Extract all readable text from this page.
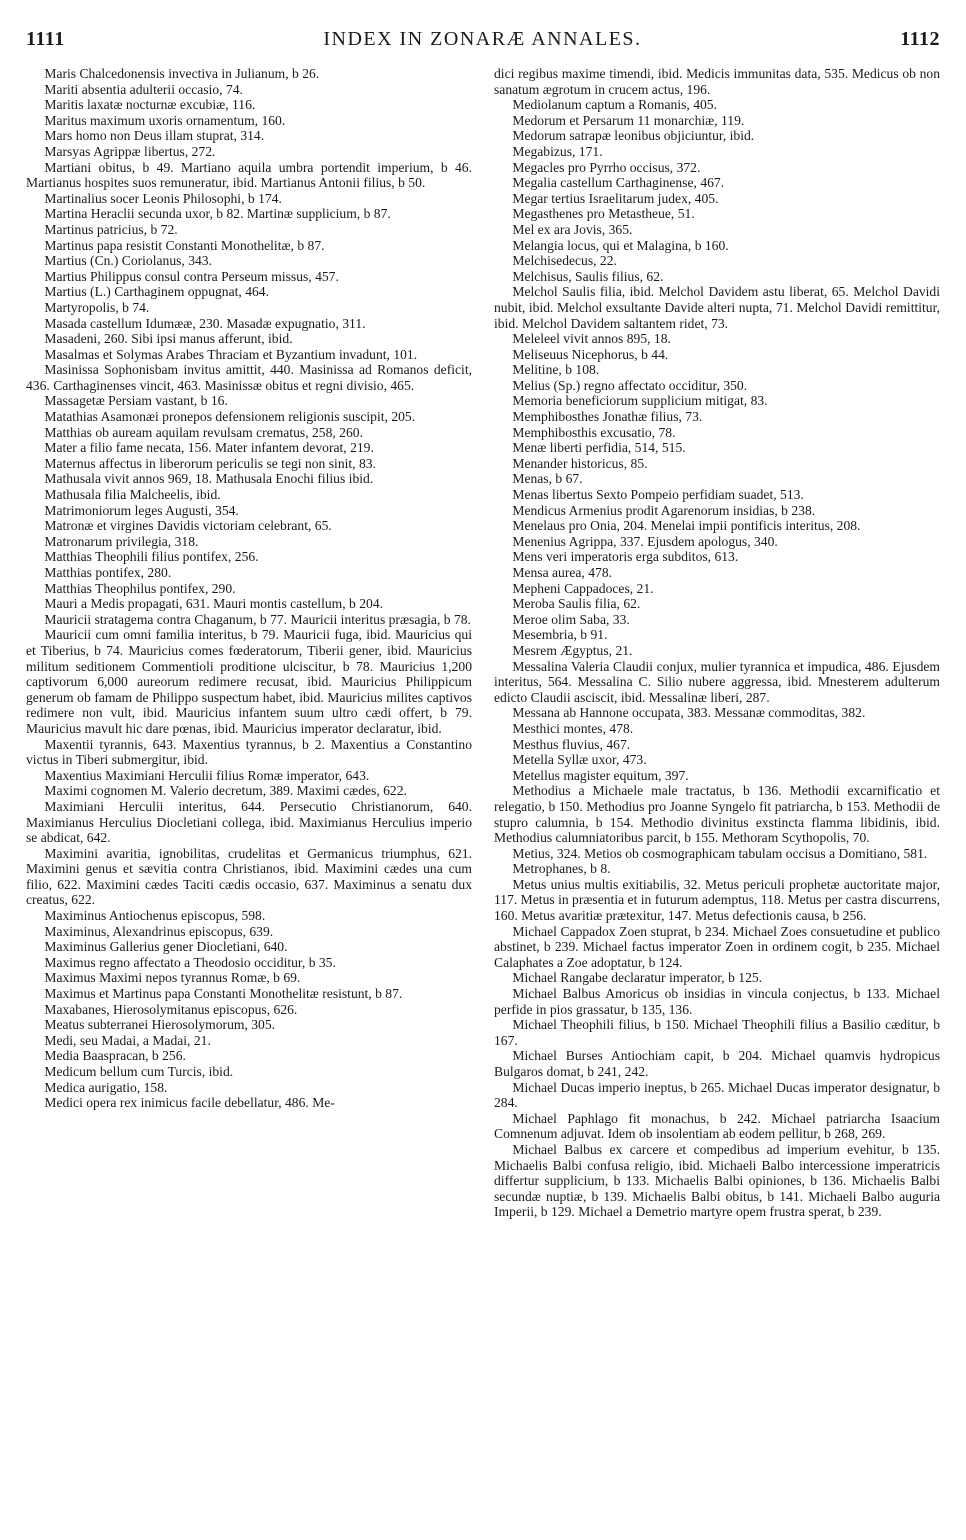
1111	INDEX IN ZONARÆ ANNALES.	1112

Maris Chalcedonensis invectiva in Julianum, b 26.

Mariti absentia adulterii occasio, 74.

Maritis laxatæ nocturnæ excubiæ, 116.

Maritus maximum uxoris ornamentum, 160.

Mars homo non Deus illam stuprat, 314.

Marsyas Agrippæ libertus, 272.

Martiani obitus, b 49. Martiano aquila umbra portendit imperium, b 46. Martianus hospites suos remuneratur, ibid. Martianus Antonii filius, b 50.

Martinalius socer Leonis Philosophi, b 174.

Martina Heraclii secunda uxor, b 82. Martinæ supplicium, b 87.

Martinus patricius, b 72.

Martinus papa resistit Constanti Monothelitæ, b 87.

Martius (Cn.) Coriolanus, 343.

Martius Philippus consul contra Perseum missus, 457.

Martius (L.) Carthaginem oppugnat, 464.

Martyropolis, b 74.

Masada castellum Idumææ, 230. Masadæ expugnatio, 311.

Masadeni, 260. Sibi ipsi manus afferunt, ibid.

Masalmas et Solymas Arabes Thraciam et Byzantium invadunt, 101.

Masinissa Sophonisbam invitus amittit, 440. Masinissa ad Romanos deficit, 436. Carthaginenses vincit, 463. Masinissæ obitus et regni divisio, 465.

Massagetæ Persiam vastant, b 16.

Matathias Asamonæi pronepos defensionem religionis suscipit, 205.

Matthias ob auream aquilam revulsam crematus, 258, 260.

Mater a filio fame necata, 156. Mater infantem devorat, 219.

Maternus affectus in liberorum periculis se tegi non sinit, 83.

Mathusala vivit annos 969, 18. Mathusala Enochi filius ibid.

Mathusala filia Malcheelis, ibid.

Matrimoniorum leges Augusti, 354.

Matronæ et virgines Davidis victoriam celebrant, 65.

Matronarum privilegia, 318.

Matthias Theophili filius pontifex, 256.

Matthias pontifex, 280.

Matthias Theophilus pontifex, 290.

Mauri a Medis propagati, 631. Mauri montis castellum, b 204.

Mauricii stratagema contra Chaganum, b 77. Mauricii interitus præsagia, b 78.

Mauricii cum omni familia interitus, b 79. Mauricii fuga, ibid. Mauricius qui et Tiberius, b 74. Mauricius comes fœderatorum, Tiberii gener, ibid. Mauricius militum seditionem Commentioli proditione ulciscitur, b 78. Mauricius 1,200 captivorum 6,000 aureorum redimere recusat, ibid. Mauricius Philippicum generum ob famam de Philippo suspectum habet, ibid. Mauricius milites captivos redimere non vult, ibid. Mauricius infantem suum ultro cædi offert, b 79. Mauricius mavult hic dare pœnas, ibid. Mauricius imperator declaratur, ibid.

Maxentii tyrannis, 643. Maxentius tyrannus, b 2. Maxentius a Constantino victus in Tiberi submergitur, ibid.

Maxentius Maximiani Herculii filius Romæ imperator, 643.

Maximi cognomen M. Valerio decretum, 389. Maximi cædes, 622.

Maximiani Herculii interitus, 644. Persecutio Christianorum, 640. Maximianus Herculius Diocletiani collega, ibid. Maximianus Herculius imperio se abdicat, 642.

Maximini avaritia, ignobilitas, crudelitas et Germanicus triumphus, 621. Maximini genus et sævitia contra Christianos, ibid. Maximini cædes una cum filio, 622. Maximini cædes Taciti cædis occasio, 637. Maximinus a senatu dux creatus, 622.

Maximinus Antiochenus episcopus, 598.

Maximinus, Alexandrinus episcopus, 639.

Maximinus Gallerius gener Diocletiani, 640.

Maximus regno affectato a Theodosio occiditur, b 35.

Maximus Maximi nepos tyrannus Romæ, b 69.

Maximus et Martinus papa Constanti Monothelitæ resistunt, b 87.

Maxabanes, Hierosolymitanus episcopus, 626.

Meatus subterranei Hierosolymorum, 305.

Medi, seu Madai, a Madai, 21.

Media Baaspracan, b 256.

Medicum bellum cum Turcis, ibid.

Medica aurigatio, 158.

Medici opera rex inimicus facile debellatur, 486. Me-

dici regibus maxime timendi, ibid. Medicis immunitas data, 535. Medicus ob non sanatum ægrotum in crucem actus, 196.

Mediolanum captum a Romanis, 405.

Medorum et Persarum 11 monarchiæ, 119.

Medorum satrapæ leonibus objiciuntur, ibid.

Megabizus, 171.

Megacles pro Pyrrho occisus, 372.

Megalia castellum Carthaginense, 467.

Megar tertius Israelitarum judex, 405.

Megasthenes pro Metastheue, 51.

Mel ex ara Jovis, 365.

Melangia locus, qui et Malagina, b 160.

Melchisedecus, 22.

Melchisus, Saulis filius, 62.

Melchol Saulis filia, ibid. Melchol Davidem astu liberat, 65. Melchol Davidi nubit, ibid. Melchol exsultante Davide alteri nupta, 71. Melchol Davidi remittitur, ibid. Melchol Davidem saltantem ridet, 73.

Meleleel vivit annos 895, 18.

Meliseuus Nicephorus, b 44.

Melitine, b 108.

Melius (Sp.) regno affectato occiditur, 350.

Memoria beneficiorum supplicium mitigat, 83.

Memphibosthes Jonathæ filius, 73.

Memphibosthis excusatio, 78.

Menæ liberti perfidia, 514, 515.

Menander historicus, 85.

Menas, b 67.

Menas libertus Sexto Pompeio perfidiam suadet, 513.

Mendicus Armenius prodit Agarenorum insidias, b 238.

Menelaus pro Onia, 204. Menelai impii pontificis interitus, 208.

Menenius Agrippa, 337. Ejusdem apologus, 340.

Mens veri imperatoris erga subditos, 613.

Mensa aurea, 478.

Mepheni Cappadoces, 21.

Meroba Saulis filia, 62.

Meroe olim Saba, 33.

Mesembria, b 91.

Mesrem Ægyptus, 21.

Messalina Valeria Claudii conjux, mulier tyrannica et impudica, 486. Ejusdem interitus, 564. Messalina C. Silio nubere aggressa, ibid. Mnesterem adulterum edicto Claudii asciscit, ibid. Messalinæ liberi, 287.

Messana ab Hannone occupata, 383. Messanæ commoditas, 382.

Mesthici montes, 478.

Mesthus fluvius, 467.

Metella Syllæ uxor, 473.

Metellus magister equitum, 397.

Methodius a Michaele male tractatus, b 136. Methodii excarnificatio et relegatio, b 150. Methodius pro Joanne Syngelo fit patriarcha, b 153. Methodii de stupro calumnia, b 154. Methodio divinitus exstincta flamma libidinis, ibid. Methodius calumniatoribus parcit, b 155. Methoram Scythopolis, 70.

Metius, 324. Metios ob cosmographicam tabulam occisus a Domitiano, 581.

Metrophanes, b 8.

Metus unius multis exitiabilis, 32. Metus periculi prophetæ auctoritate major, 117. Metus in præsentia et in futurum ademptus, 118. Metus per castra discurrens, 160. Metus avaritiæ prætexitur, 147. Metus defectionis causa, b 256.

Michael Cappadox Zoen stuprat, b 234. Michael Zoes consuetudine et publico abstinet, b 239. Michael factus imperator Zoen in ordinem cogit, b 235. Michael Calaphates a Zoe adoptatur, b 124.

Michael Rangabe declaratur imperator, b 125.

Michael Balbus Amoricus ob insidias in vincula conjectus, b 133. Michael perfide in pios grassatur, b 135, 136.

Michael Theophili filius, b 150. Michael Theophili filius a Basilio cæditur, b 167.

Michael Burses Antiochiam capit, b 204. Michael quamvis hydropicus Bulgaros domat, b 241, 242.

Michael Ducas imperio ineptus, b 265. Michael Ducas imperator designatur, b 284.

Michael Paphlago fit monachus, b 242. Michael patriarcha Isaacium Comnenum adjuvat. Idem ob insolentiam ab eodem pellitur, b 268, 269.

Michael Balbus ex carcere et compedibus ad imperium evehitur, b 135. Michaelis Balbi confusa religio, ibid. Michaeli Balbo intercessione imperatricis differtur supplicium, b 133. Michaelis Balbi opiniones, b 136. Michaelis Balbi secundæ nuptiæ, b 139. Michaelis Balbi obitus, b 141. Michaeli Balbo auguria Imperii, b 129. Michael a Demetrio martyre opem frustra sperat, b 239.
